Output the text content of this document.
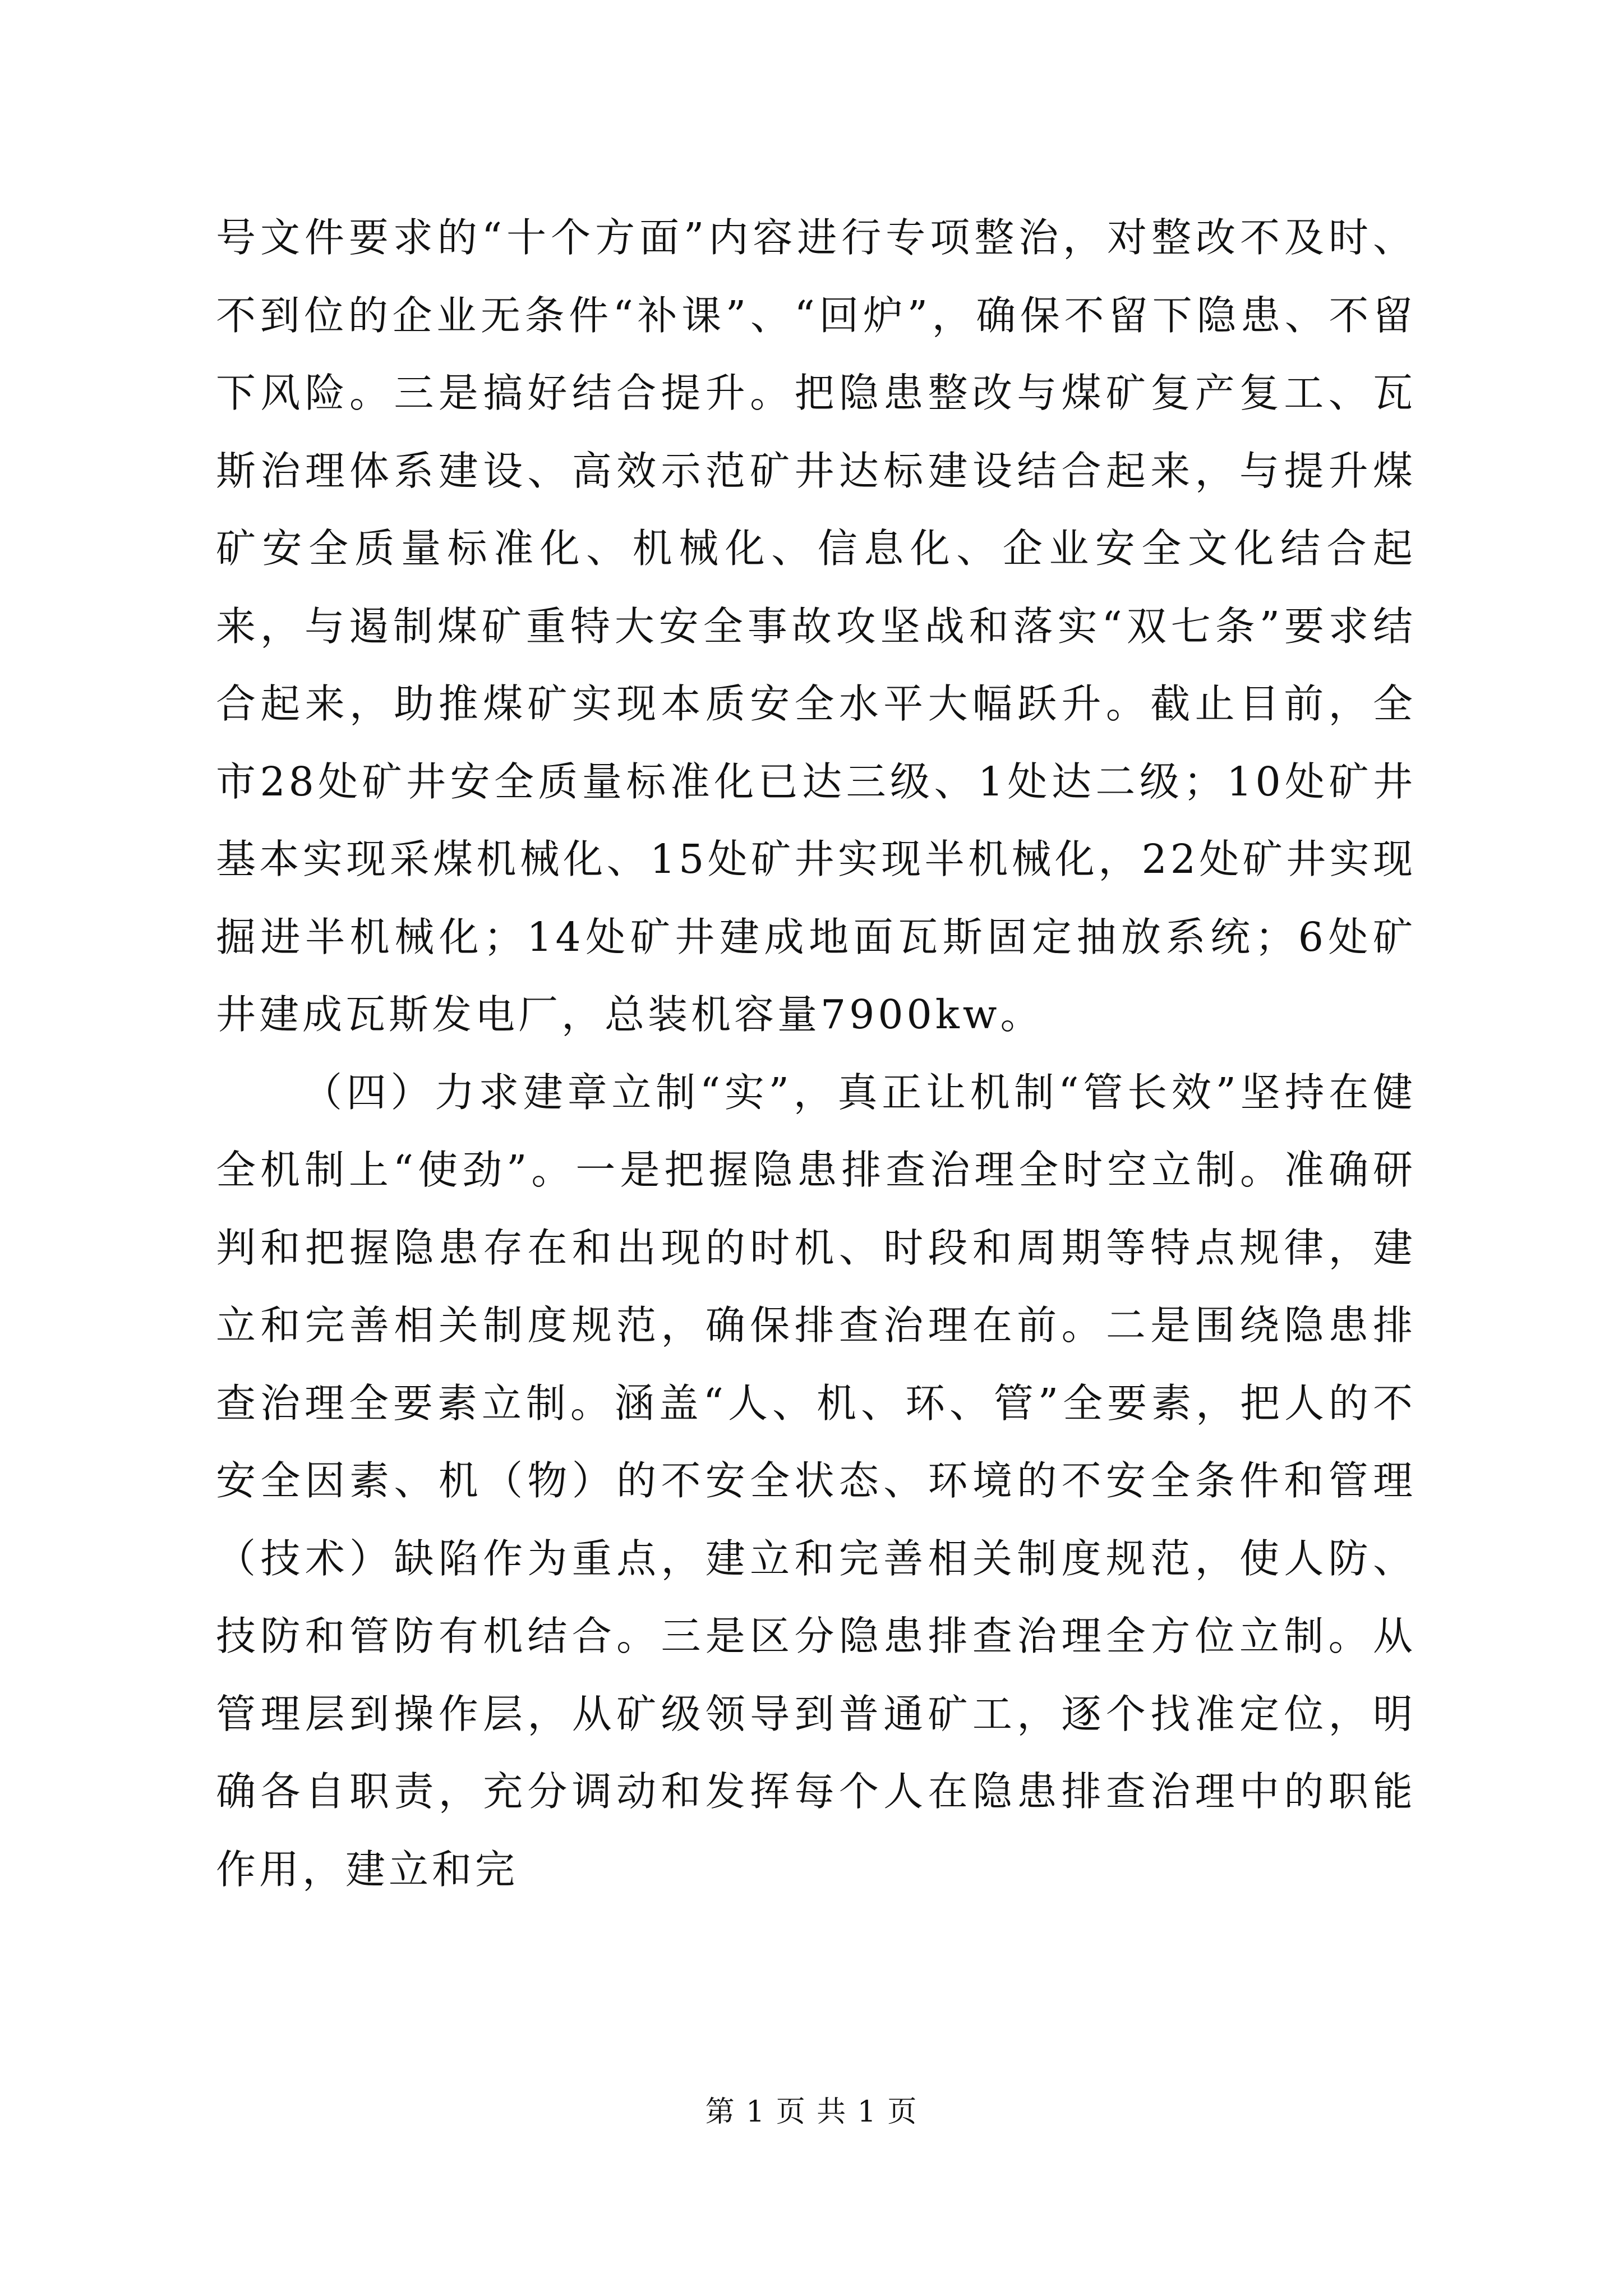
号文件要求的“十个方面”内容进行专项整治，对整改不及时、不到位的企业无条件“补课”、“回炉”，确保不留下隐患、不留下风险。三是搞好结合提升。把隐患整改与煤矿复产复工、瓦斯治理体系建设、高效示范矿井达标建设结合起来，与提升煤矿安全质量标准化、机械化、信息化、企业安全文化结合起来，与遏制煤矿重特大安全事故攻坚战和落实“双七条”要求结合起来，助推煤矿实现本质安全水平大幅跃升。截止目前，全市28处矿井安全质量标准化已达三级、1处达二级；10处矿井基本实现采煤机械化、15处矿井实现半机械化，22处矿井实现掘进半机械化；14处矿井建成地面瓦斯固定抽放系统；6处矿井建成瓦斯发电厂，总装机容量7900kw。

（四）力求建章立制“实”，真正让机制“管长效”坚持在健全机制上“使劲”。一是把握隐患排查治理全时空立制。准确研判和把握隐患存在和出现的时机、时段和周期等特点规律，建立和完善相关制度规范，确保排查治理在前。二是围绕隐患排查治理全要素立制。涵盖“人、机、环、管”全要素，把人的不安全因素、机（物）的不安全状态、环境的不安全条件和管理（技术）缺陷作为重点，建立和完善相关制度规范，使人防、技防和管防有机结合。三是区分隐患排查治理全方位立制。从管理层到操作层，从矿级领导到普通矿工，逐个找准定位，明确各自职责，充分调动和发挥每个人在隐患排查治理中的职能作用，建立和完

第 1 页 共 1 页
